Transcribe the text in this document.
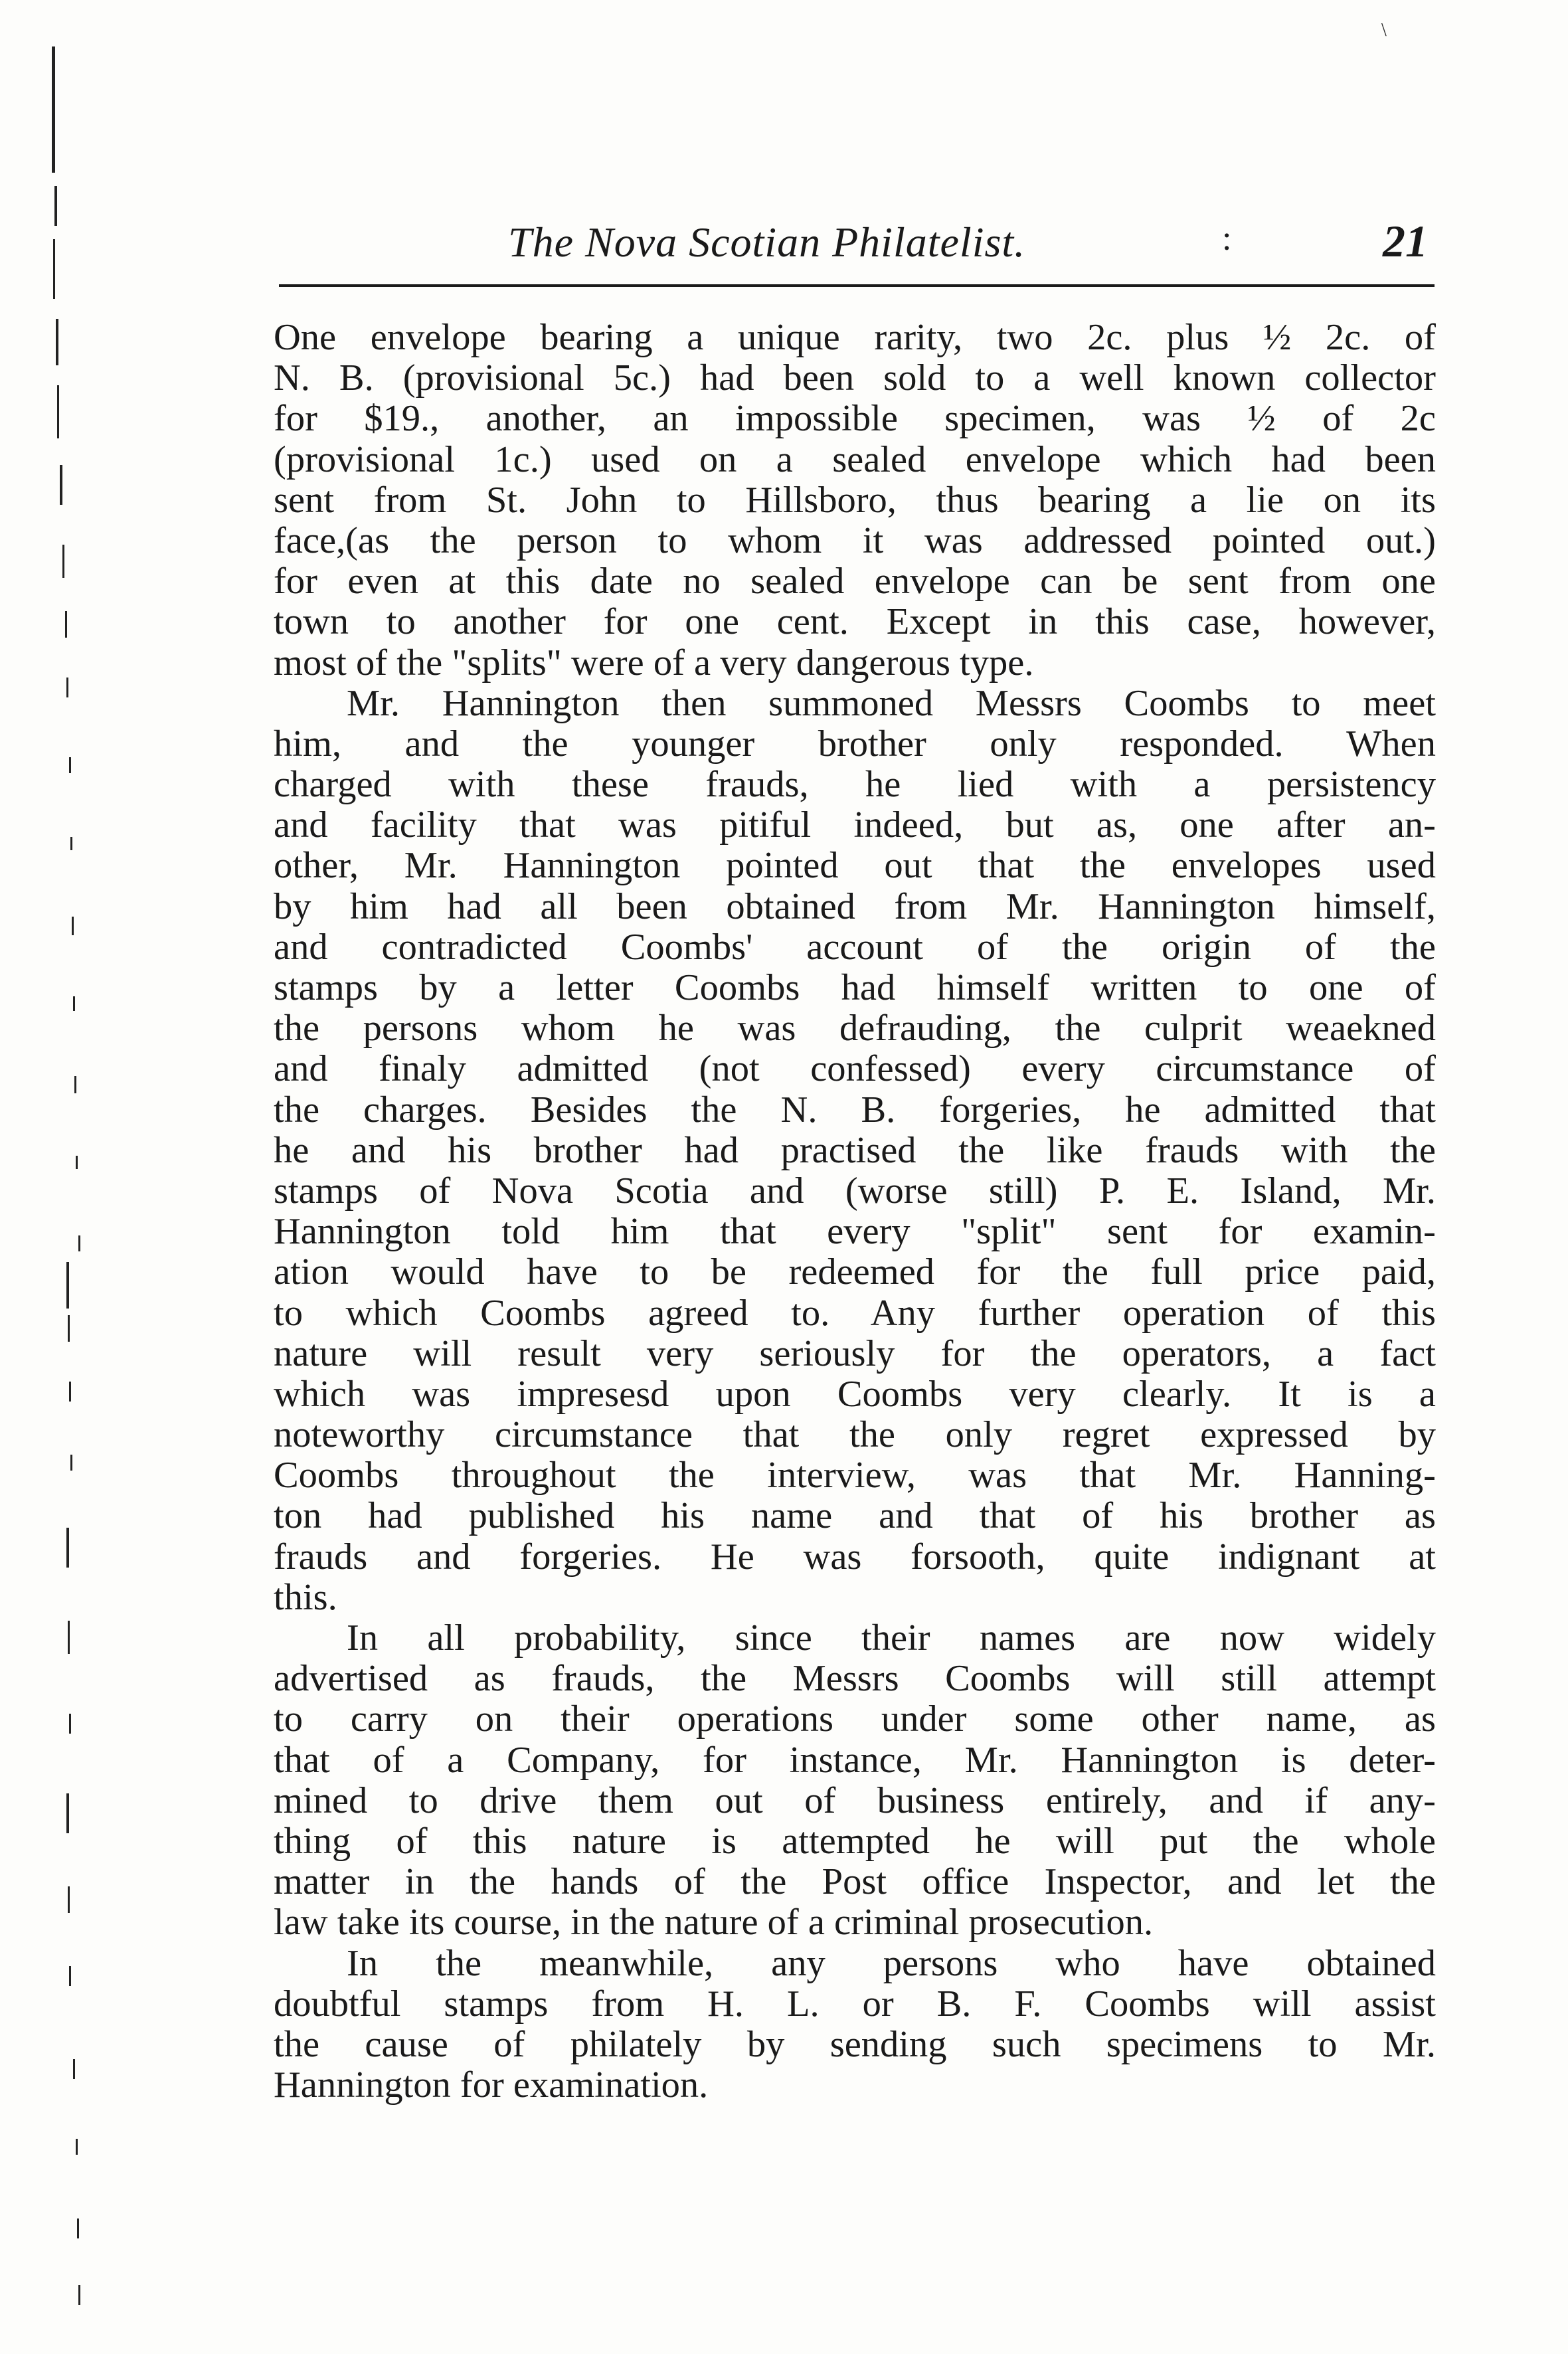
\
The Nova Scotian Philatelist.	:	21
One envelope bearing a unique rarity, two 2c. plus ½ 2c. of
N. B. (provisional 5c.) had been sold to a well known collector
for $19., another, an impossible specimen, was ½ of 2c
(provisional 1c.) used on a sealed envelope which had been
sent from St. John to Hillsboro, thus bearing a lie on its
face,(as the person to whom it was addressed pointed out.)
for even at this date no sealed envelope can be sent from one
town to another for one cent. Except in this case, however,
most of the "splits" were of a very dangerous type.
Mr. Hannington then summoned Messrs Coombs to meet
him, and the younger brother only responded. When
charged with these frauds, he lied with a persistency
and facility that was pitiful indeed, but as, one after an-
other, Mr. Hannington pointed out that the envelopes used
by him had all been obtained from Mr. Hannington himself,
and contradicted Coombs' account of the origin of the
stamps by a letter Coombs had himself written to one of
the persons whom he was defrauding, the culprit weaekned
and finaly admitted (not confessed) every circumstance of
the charges. Besides the N. B. forgeries, he admitted that
he and his brother had practised the like frauds with the
stamps of Nova Scotia and (worse still) P. E. Island, Mr.
Hannington told him that every "split" sent for examin-
ation would have to be redeemed for the full price paid,
to which Coombs agreed to. Any further operation of this
nature will result very seriously for the operators, a fact
which was impresesd upon Coombs very clearly. It is a
noteworthy circumstance that the only regret expressed by
Coombs throughout the interview, was that Mr. Hanning-
ton had published his name and that of his brother as
frauds and forgeries. He was forsooth, quite indignant at
this.
In all probability, since their names are now widely
advertised as frauds, the Messrs Coombs will still attempt
to carry on their operations under some other name, as
that of a Company, for instance, Mr. Hannington is deter-
mined to drive them out of business entirely, and if any-
thing of this nature is attempted he will put the whole
matter in the hands of the Post office Inspector, and let the
law take its course, in the nature of a criminal prosecution.
In the meanwhile, any persons who have obtained
doubtful stamps from H. L. or B. F. Coombs will assist
the cause of philately by sending such specimens to Mr.
Hannington for examination.
